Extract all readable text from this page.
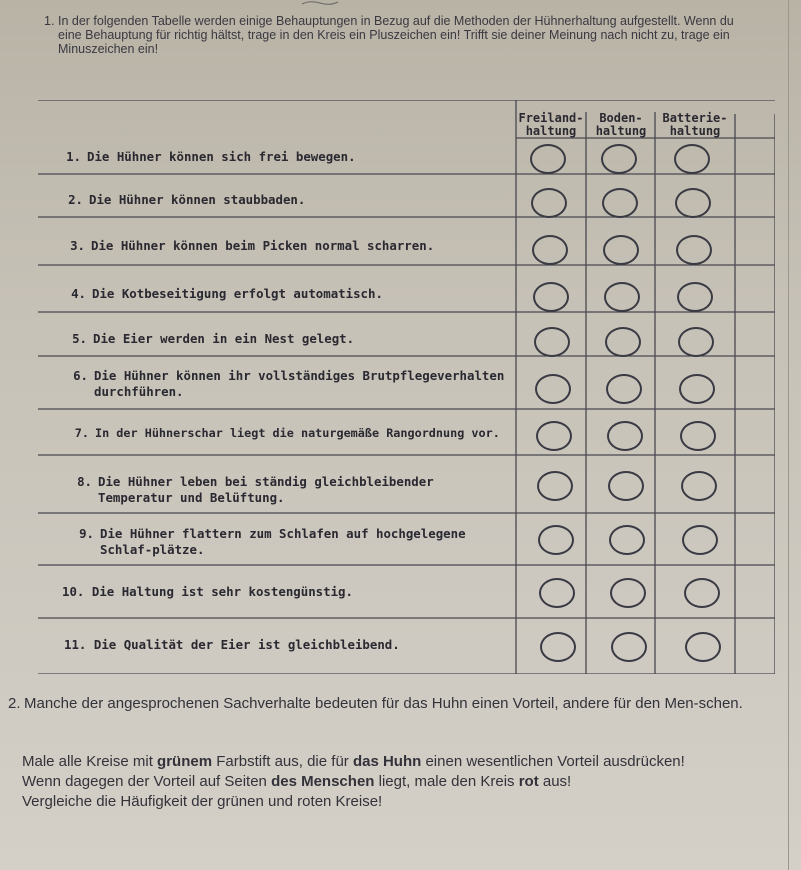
1. In der folgenden Tabelle werden einige Behauptungen in Bezug auf die Methoden der Hühnerhaltung aufgestellt. Wenn du eine Behauptung für richtig hältst, trage in den Kreis ein Pluszeichen ein! Trifft sie deiner Meinung nach nicht zu, trage ein Minuszeichen ein!
Freiland-
haltung
Boden-
haltung
Batterie-
haltung
1. Die Hühner können sich frei bewegen.
2. Die Hühner können staubbaden.
3. Die Hühner können beim Picken normal scharren.
4. Die Kotbeseitigung erfolgt automatisch.
5. Die Eier werden in ein Nest gelegt.
6. Die Hühner können ihr vollständiges Brutpflegeverhalten durchführen.
7. In der Hühnerschar liegt die naturgemäße Rangordnung vor.
8. Die Hühner leben bei ständig gleichbleibender Temperatur und Belüftung.
9. Die Hühner flattern zum Schlafen auf hochgelegene Schlaf-plätze.
10. Die Haltung ist sehr kostengünstig.
11. Die Qualität der Eier ist gleichbleibend.
2. Manche der angesprochenen Sachverhalte bedeuten für das Huhn einen Vorteil, andere für den Men-schen.

Male alle Kreise mit grünem Farbstift aus, die für das Huhn einen wesentlichen Vorteil ausdrücken!

Wenn dagegen der Vorteil auf Seiten des Menschen liegt, male den Kreis rot aus!

Vergleiche die Häufigkeit der grünen und roten Kreise!
